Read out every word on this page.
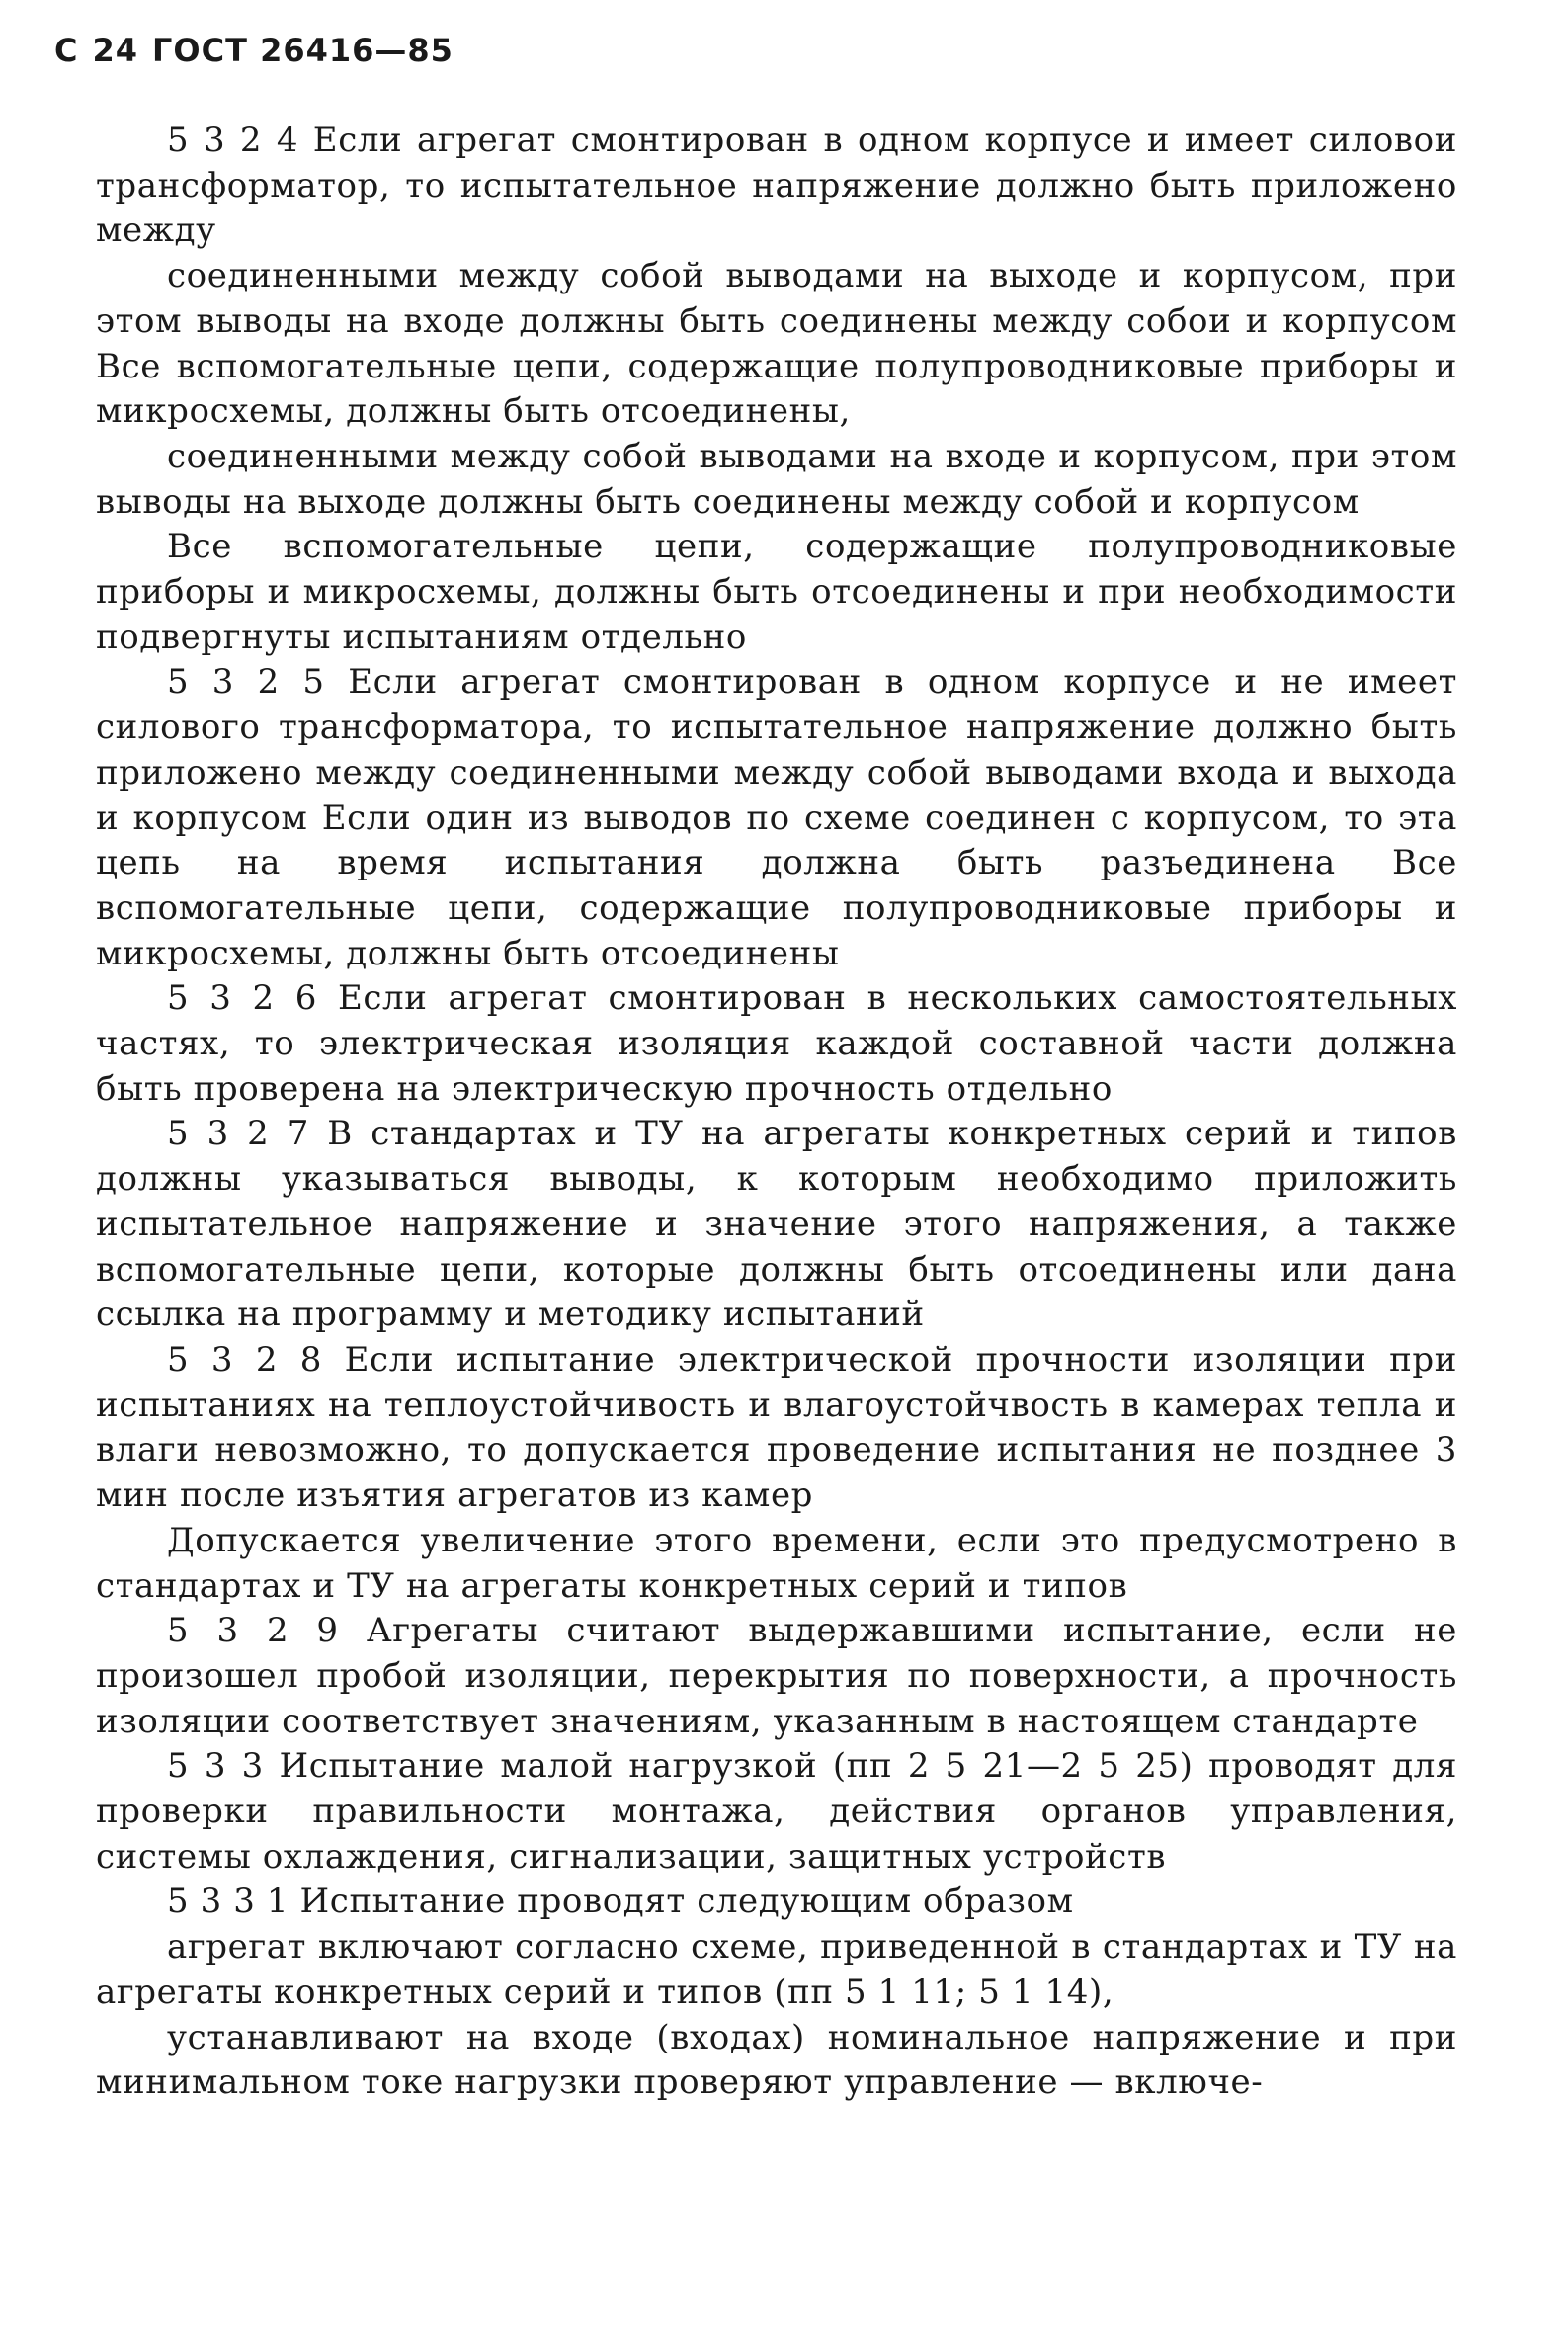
С 24 ГОСТ 26416—85

5 3 2 4 Если агрегат смонтирован в одном корпусе и имеет силовои трансформатор, то испытательное напряжение должно быть приложено между

соединенными между собой выводами на выходе и корпусом, при этом выводы на входе должны быть соединены между собои и корпусом Все вспомогательные цепи, содержащие полупроводниковые приборы и микросхемы, должны быть отсоединены,

соединенными между собой выводами на входе и корпусом, при этом выводы на выходе должны быть соединены между собой и корпусом

Все вспомогательные цепи, содержащие полупроводниковые приборы и микросхемы, должны быть отсоединены и при необходимости подвергнуты испытаниям отдельно

5 3 2 5 Если агрегат смонтирован в одном корпусе и не имеет силового трансформатора, то испытательное напряжение должно быть приложено между соединенными между собой выводами входа и выхода и корпусом Если один из выводов по схеме соединен с корпусом, то эта цепь на время испытания должна быть разъединена Все вспомогательные цепи, содержащие полупроводниковые приборы и микросхемы, должны быть отсоединены

5 3 2 6 Если агрегат смонтирован в нескольких самостоятельных частях, то электрическая изоляция каждой составной части должна быть проверена на электрическую прочность отдельно

5 3 2 7 В стандартах и ТУ на агрегаты конкретных серий и типов должны указываться выводы, к которым необходимо приложить испытательное напряжение и значение этого напряжения, а также вспомогательные цепи, которые должны быть отсоединены или дана ссылка на программу и методику испытаний

5 3 2 8 Если испытание электрической прочности изоляции при испытаниях на теплоустойчивость и влагоустойчвость в камерах тепла и влаги невозможно, то допускается проведение испытания не позднее 3 мин после изъятия агрегатов из камер

Допускается увеличение этого времени, если это предусмотрено в стандартах и ТУ на агрегаты конкретных серий и типов

5 3 2 9 Агрегаты считают выдержавшими испытание, если не произошел пробой изоляции, перекрытия по поверхности, а прочность изоляции соответствует значениям, указанным в настоящем стандарте

5 3 3 Испытание малой нагрузкой (пп 2 5 21—2 5 25) проводят для проверки правильности монтажа, действия органов управления, системы охлаждения, сигнализации, защитных устройств

5 3 3 1 Испытание проводят следующим образом

агрегат включают согласно схеме, приведенной в стандартах и ТУ на агрегаты конкретных серий и типов (пп 5 1 11; 5 1 14),

устанавливают на входе (входах) номинальное напряжение и при минимальном токе нагрузки проверяют управление — включе-
